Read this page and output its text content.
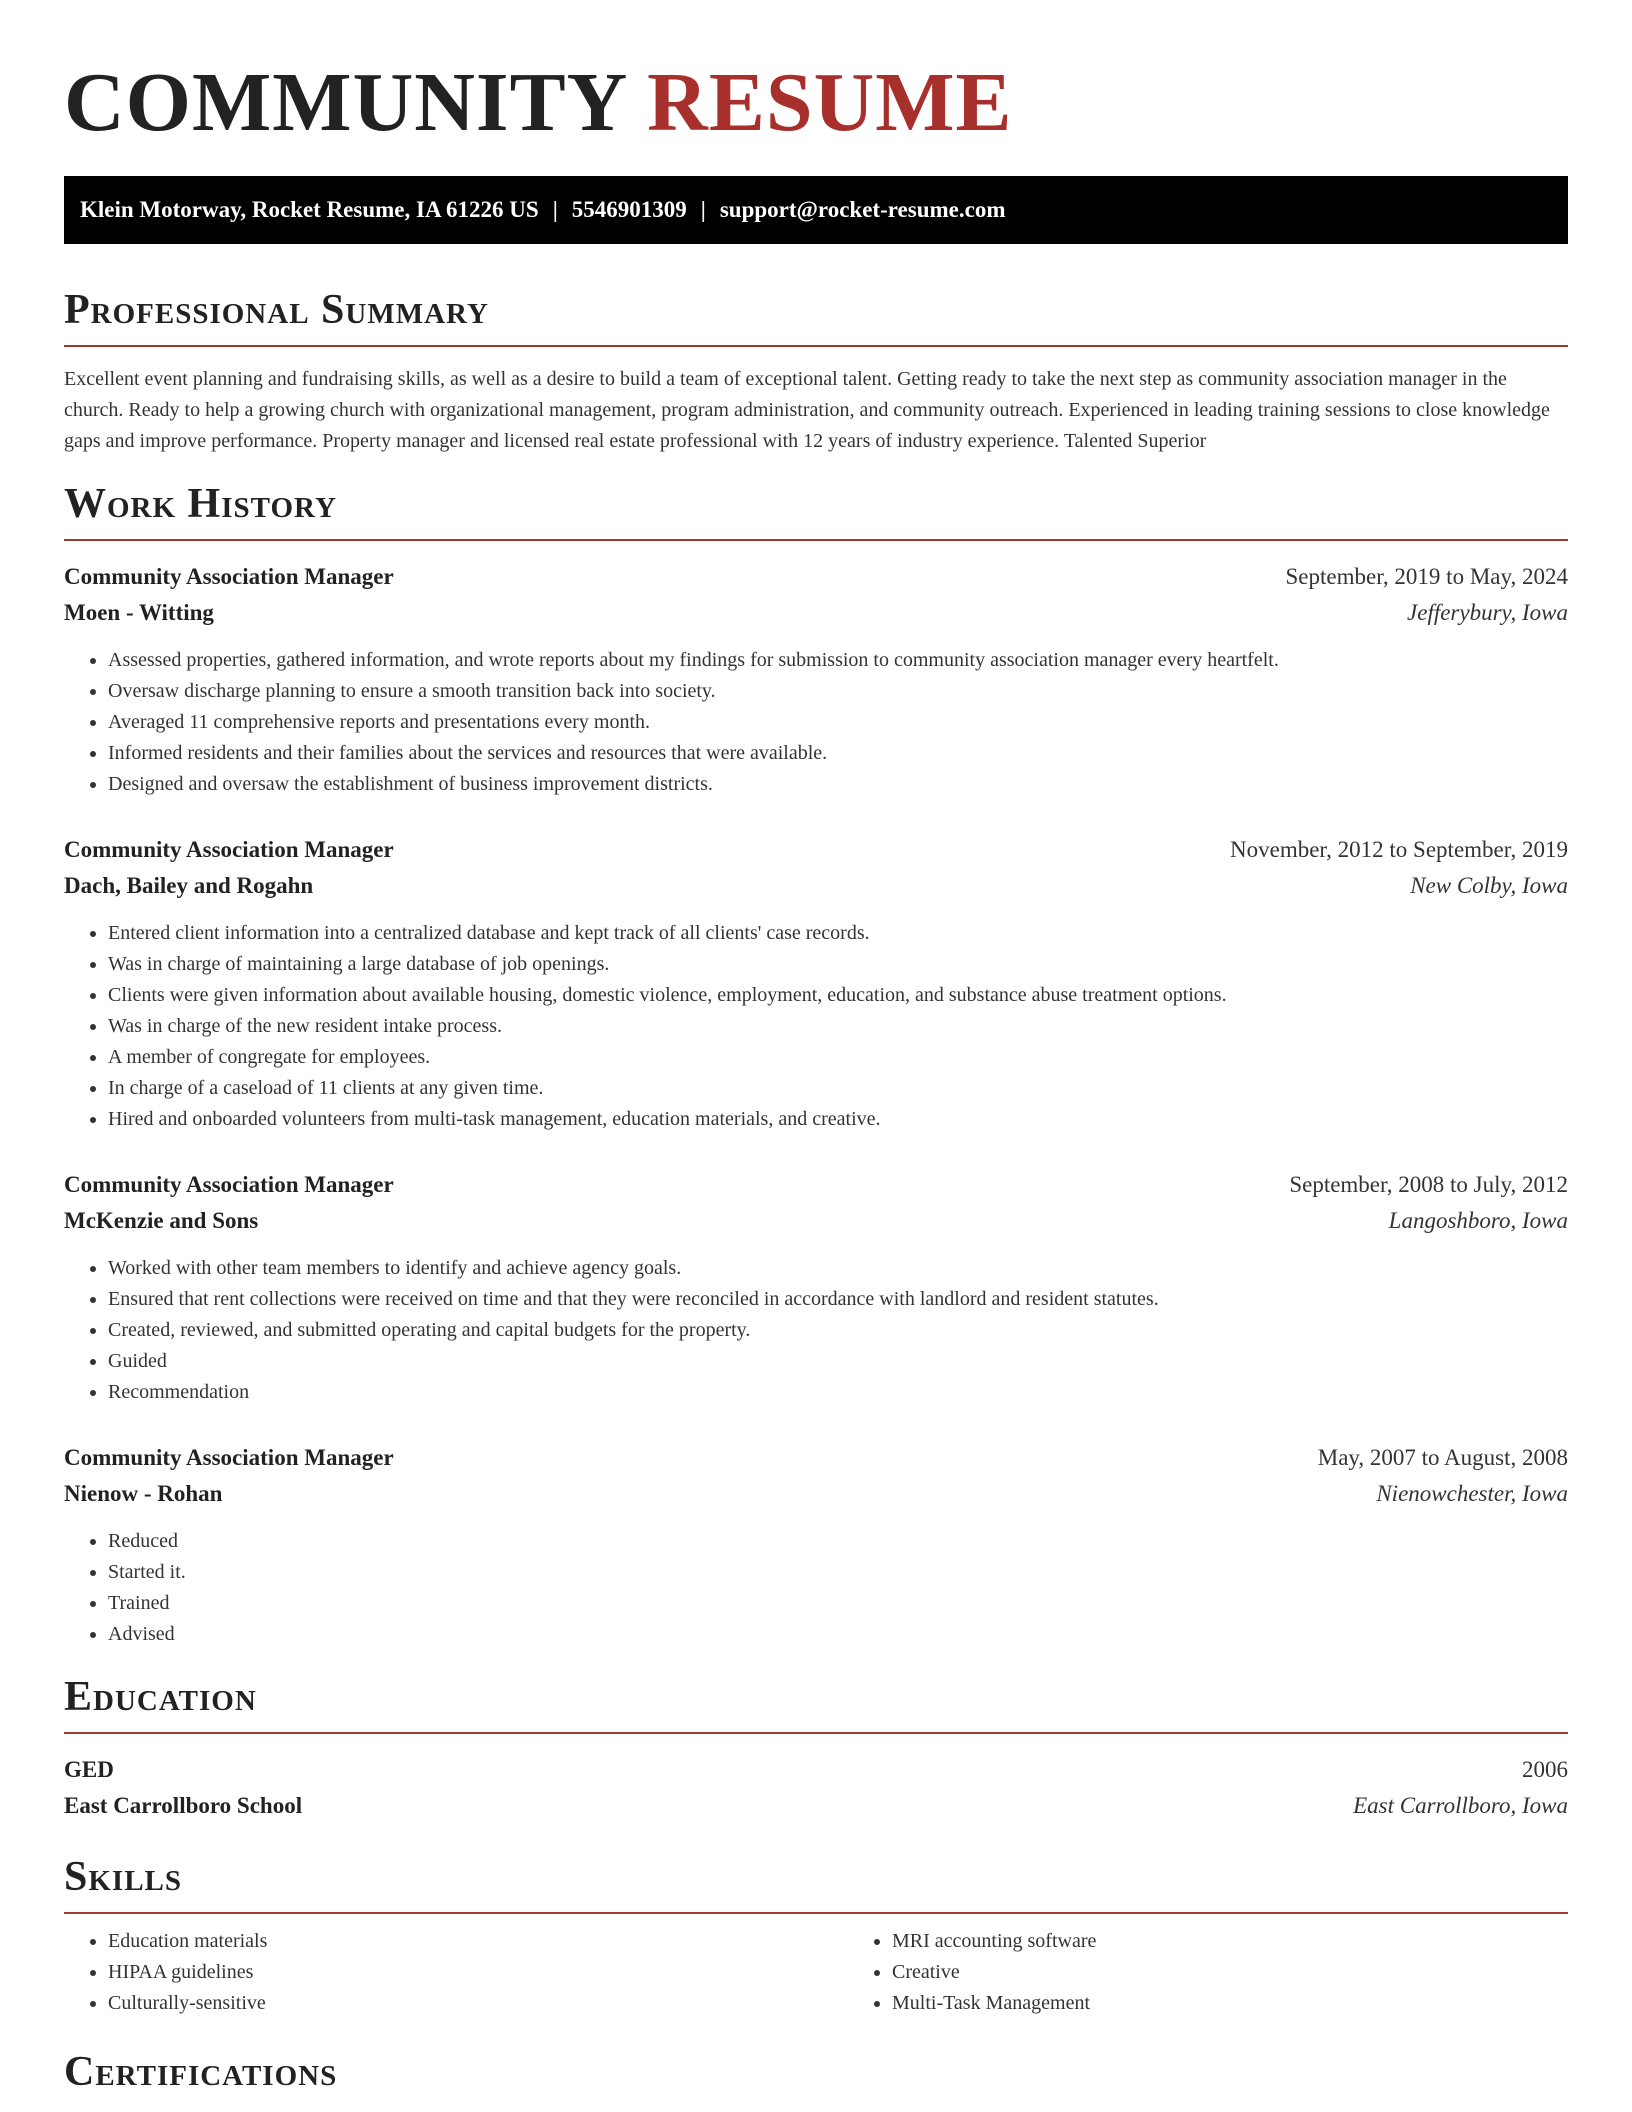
COMMUNITY RESUME
Klein Motorway, Rocket Resume, IA 61226 US | 5546901309 | support@rocket-resume.com
Professional Summary

Excellent event planning and fundraising skills, as well as a desire to build a team of exceptional talent. Getting ready to take the next step as community association manager in the church. Ready to help a growing church with organizational management, program administration, and community outreach. Experienced in leading training sessions to close knowledge gaps and improve performance. Property manager and licensed real estate professional with 12 years of industry experience. Talented Superior

Work History
Community Association Manager	September, 2019 to May, 2024
Moen - Witting	Jefferybury, Iowa
• Assessed properties, gathered information, and wrote reports about my findings for submission to community association manager every heartfelt.
• Oversaw discharge planning to ensure a smooth transition back into society.
• Averaged 11 comprehensive reports and presentations every month.
• Informed residents and their families about the services and resources that were available.
• Designed and oversaw the establishment of business improvement districts.
Community Association Manager	November, 2012 to September, 2019
Dach, Bailey and Rogahn	New Colby, Iowa
• Entered client information into a centralized database and kept track of all clients' case records.
• Was in charge of maintaining a large database of job openings.
• Clients were given information about available housing, domestic violence, employment, education, and substance abuse treatment options.
• Was in charge of the new resident intake process.
• A member of congregate for employees.
• In charge of a caseload of 11 clients at any given time.
• Hired and onboarded volunteers from multi-task management, education materials, and creative.
Community Association Manager	September, 2008 to July, 2012
McKenzie and Sons	Langoshboro, Iowa
• Worked with other team members to identify and achieve agency goals.
• Ensured that rent collections were received on time and that they were reconciled in accordance with landlord and resident statutes.
• Created, reviewed, and submitted operating and capital budgets for the property.
• Guided
• Recommendation
Community Association Manager	May, 2007 to August, 2008
Nienow - Rohan	Nienowchester, Iowa
• Reduced
• Started it.
• Trained
• Advised
Education
GED	2006
East Carrollboro School	East Carrollboro, Iowa
Skills
• Education materials
• HIPAA guidelines
• Culturally-sensitive
• MRI accounting software
• Creative
• Multi-Task Management
Certifications
